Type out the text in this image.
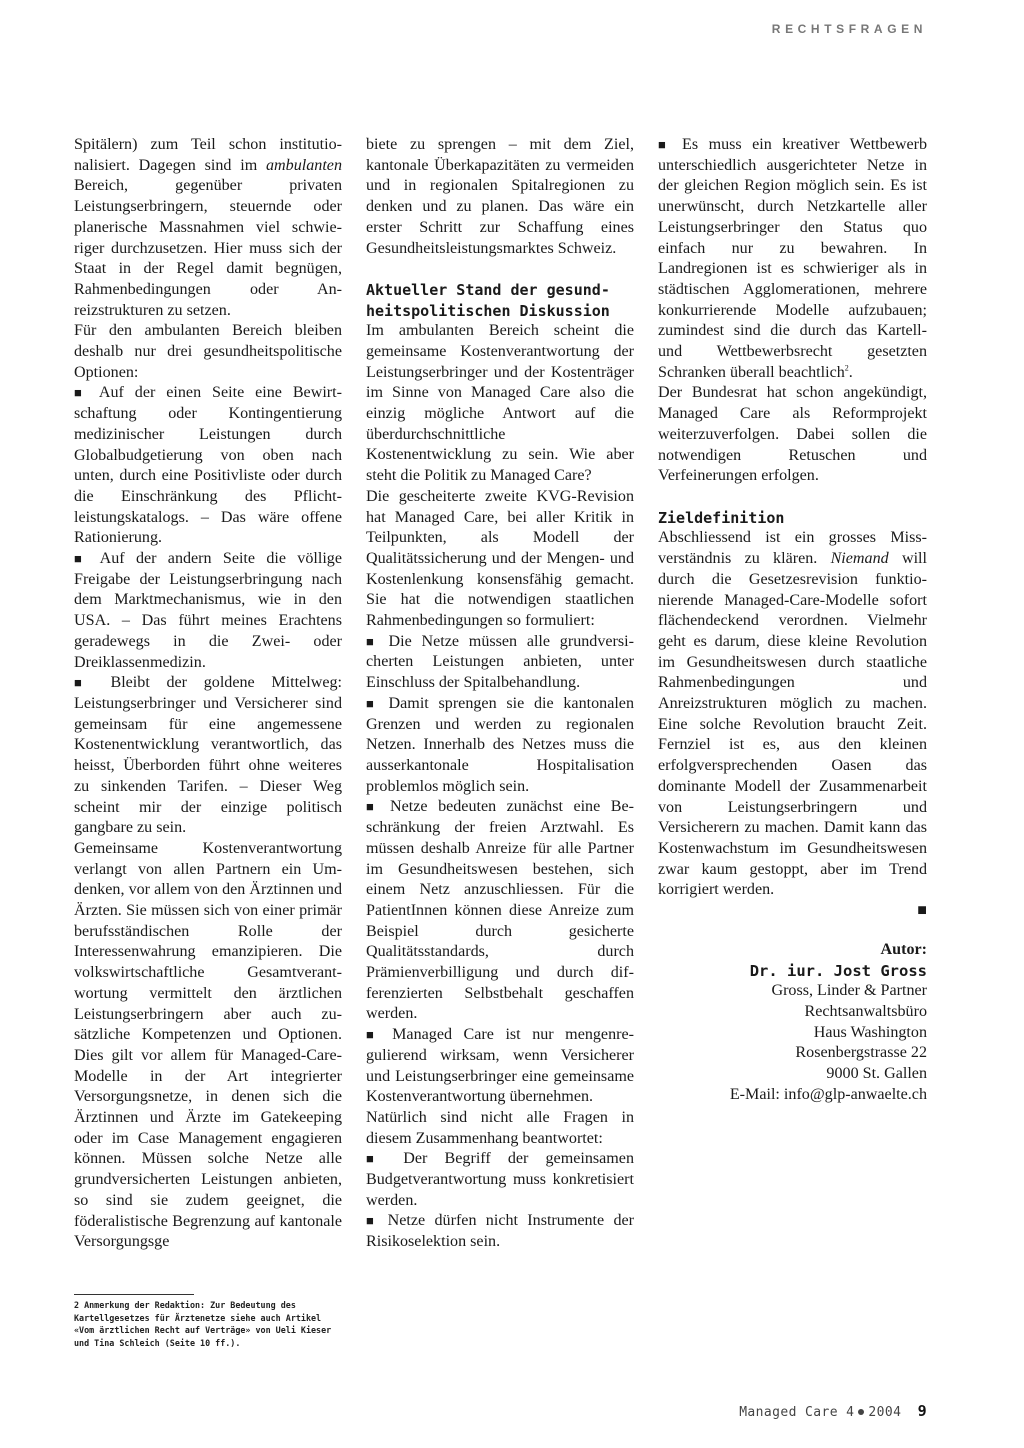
RECHTSFRAGEN

Spitälern) zum Teil schon institutionalisiert. Dagegen sind im ambulanten Bereich, gegenüber privaten Leistungserbringern, steuernde oder planerische Massnahmen viel schwieriger durchzusetzen. Hier muss sich der Staat in der Regel damit begnügen, Rahmenbedingungen oder Anreizstrukturen zu setzen.

Für den ambulanten Bereich bleiben deshalb nur drei gesundheitspolitische Optionen:

■ Auf der einen Seite eine Bewirtschaftung oder Kontingentierung medizinischer Leistungen durch Globalbudgetierung von oben nach unten, durch eine Positivliste oder durch die Einschränkung des Pflichtleistungskatalogs. – Das wäre offene Rationierung.

■ Auf der andern Seite die völlige Freigabe der Leistungserbringung nach dem Marktmechanismus, wie in den USA. – Das führt meines Erachtens geradewegs in die Zwei- oder Dreiklassenmedizin.

■ Bleibt der goldene Mittelweg: Leistungserbringer und Versicherer sind gemeinsam für eine angemessene Kostenentwicklung verantwortlich, das heisst, Überborden führt ohne weiteres zu sinkenden Tarifen. – Dieser Weg scheint mir der einzige politisch gangbare zu sein.

Gemeinsame Kostenverantwortung verlangt von allen Partnern ein Umdenken, vor allem von den Ärztinnen und Ärzten. Sie müssen sich von einer primär berufsständischen Rolle der Interessenwahrung emanzipieren. Die volkswirtschaftliche Gesamtverantwortung vermittelt den ärztlichen Leistungserbringern aber auch zusätzliche Kompetenzen und Optionen. Dies gilt vor allem für Managed-Care-Modelle in der Art integrierter Versorgungsnetze, in denen sich die Ärztinnen und Ärzte im Gatekeeping oder im Case Management engagieren können. Müssen solche Netze alle grundversicherten Leistungen anbieten, so sind sie zudem geeignet, die föderalistische Begrenzung auf kantonale Versorgungsge

biete zu sprengen – mit dem Ziel, kantonale Überkapazitäten zu vermeiden und in regionalen Spitalregionen zu denken und zu planen. Das wäre ein erster Schritt zur Schaffung eines Gesundheitsleistungsmarktes Schweiz.

Aktueller Stand der gesundheitspolitischen Diskussion

Im ambulanten Bereich scheint die gemeinsame Kostenverantwortung der Leistungserbringer und der Kostenträger im Sinne von Managed Care also die einzig mögliche Antwort auf die überdurchschnittliche Kostenentwicklung zu sein. Wie aber steht die Politik zu Managed Care?

Die gescheiterte zweite KVG-Revision hat Managed Care, bei aller Kritik in Teilpunkten, als Modell der Qualitätssicherung und der Mengen- und Kostenlenkung konsensfähig gemacht. Sie hat die notwendigen staatlichen Rahmenbedingungen so formuliert:

■ Die Netze müssen alle grundversicherten Leistungen anbieten, unter Einschluss der Spitalbehandlung.

■ Damit sprengen sie die kantonalen Grenzen und werden zu regionalen Netzen. Innerhalb des Netzes muss die ausserkantonale Hospitalisation problemlos möglich sein.

■ Netze bedeuten zunächst eine Beschränkung der freien Arztwahl. Es müssen deshalb Anreize für alle Partner im Gesundheitswesen bestehen, sich einem Netz anzuschliessen. Für die PatientInnen können diese Anreize zum Beispiel durch gesicherte Qualitätsstandards, durch Prämienverbilligung und durch differenzierten Selbstbehalt geschaffen werden.

■ Managed Care ist nur mengenregulierend wirksam, wenn Versicherer und Leistungserbringer eine gemeinsame Kostenverantwortung übernehmen.

Natürlich sind nicht alle Fragen in diesem Zusammenhang beantwortet:

■ Der Begriff der gemeinsamen Budgetverantwortung muss konkretisiert werden.

■ Netze dürfen nicht Instrumente der Risikoselektion sein.

■ Es muss ein kreativer Wettbewerb unterschiedlich ausgerichteter Netze in der gleichen Region möglich sein. Es ist unerwünscht, durch Netzkartelle aller Leistungserbringer den Status quo einfach nur zu bewahren. In Landregionen ist es schwieriger als in städtischen Agglomerationen, mehrere konkurrierende Modelle aufzubauen; zumindest sind die durch das Kartell- und Wettbewerbsrecht gesetzten Schranken überall beachtlich$^2$.

Der Bundesrat hat schon angekündigt, Managed Care als Reformprojekt weiterzuverfolgen. Dabei sollen die notwendigen Retuschen und Verfeinerungen erfolgen.

Zieldefinition

Abschliessend ist ein grosses Missverständnis zu klären. Niemand will durch die Gesetzesrevision funktionierende Managed-Care-Modelle sofort flächendeckend verordnen. Vielmehr geht es darum, diese kleine Revolution im Gesundheitswesen durch staatliche Rahmenbedingungen und Anreizstrukturen möglich zu machen. Eine solche Revolution braucht Zeit. Fernziel ist es, aus den kleinen erfolgversprechenden Oasen das dominante Modell der Zusammenarbeit von Leistungserbringern und Versicherern zu machen. Damit kann das Kostenwachstum im Gesundheitswesen zwar kaum gestoppt, aber im Trend korrigiert werden.
■

Autor:
Dr. iur. Jost Gross
Gross, Linder & Partner
Rechtsanwaltsbüro
Haus Washington
Rosenbergstrasse 22
9000 St. Gallen
E-Mail: info@glp-anwaelte.ch
2 Anmerkung der Redaktion: Zur Bedeutung des Kartellgesetzes für Ärztenetze siehe auch Artikel «Vom ärztlichen Recht auf Verträge» von Ueli Kieser und Tina Schleich (Seite 10 ff.).
Managed Care 4 2004 9
